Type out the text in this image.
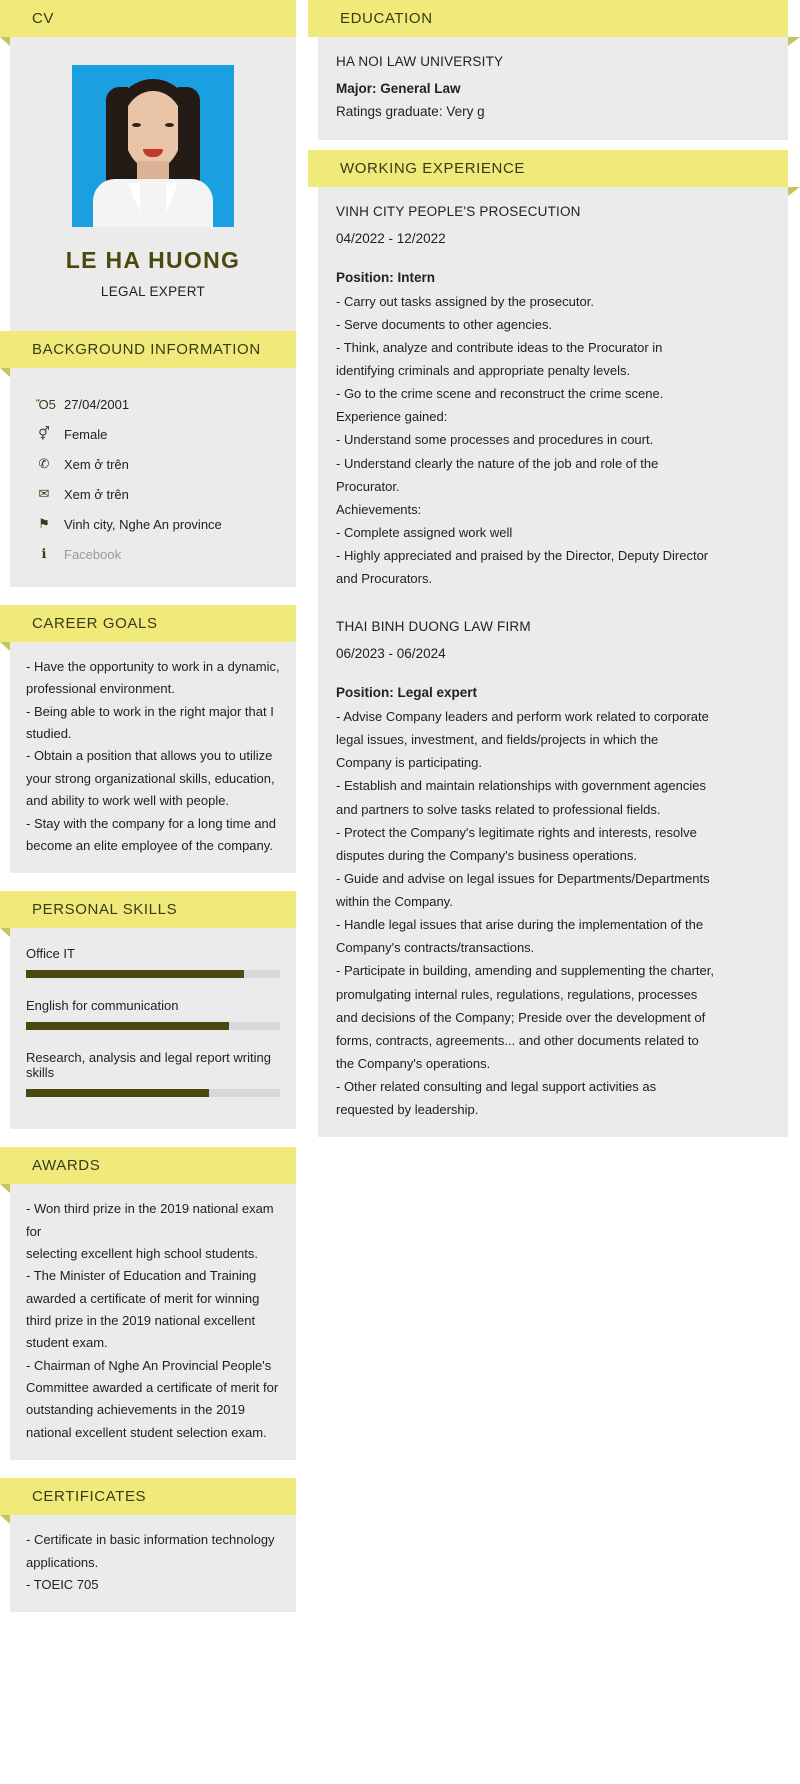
CV
LE HA HUONG
LEGAL EXPERT
BACKGROUND INFORMATION
Ὄ5 27/04/2001
⚥ Female
✆ Xem ở trên
✉ Xem ở trên
⚑ Vinh city, Nghe An province
ℹ	Facebook
CAREER GOALS
- Have the opportunity to work in a dynamic,
professional environment.
- Being able to work in the right major that I
studied.
- Obtain a position that allows you to utilize
your strong organizational skills, education,
and ability to work well with people.
- Stay with the company for a long time and
become an elite employee of the company.
PERSONAL SKILLS
Office IT
English for communication
Research, analysis and legal report writing skills
AWARDS
- Won third prize in the 2019 national exam for
selecting excellent high school students.
- The Minister of Education and Training
awarded a certificate of merit for winning
third prize in the 2019 national excellent
student exam.
- Chairman of Nghe An Provincial People's
Committee awarded a certificate of merit for
outstanding achievements in the 2019
national excellent student selection exam.
CERTIFICATES
- Certificate in basic information technology
applications.
- TOEIC 705
EDUCATION
HA NOI LAW UNIVERSITY
Major: General Law
Ratings graduate: Very g
WORKING EXPERIENCE
VINH CITY PEOPLE'S PROSECUTION
04/2022 - 12/2022
Position: Intern
- Carry out tasks assigned by the prosecutor.
- Serve documents to other agencies.
- Think, analyze and contribute ideas to the Procurator in
identifying criminals and appropriate penalty levels.
- Go to the crime scene and reconstruct the crime scene.
Experience gained:
- Understand some processes and procedures in court.
- Understand clearly the nature of the job and role of the
Procurator.
Achievements:
- Complete assigned work well
- Highly appreciated and praised by the Director, Deputy Director
and Procurators.
THAI BINH DUONG LAW FIRM
06/2023 - 06/2024
Position: Legal expert
- Advise Company leaders and perform work related to corporate
legal issues, investment, and fields/projects in which the
Company is participating.
- Establish and maintain relationships with government agencies
and partners to solve tasks related to professional fields.
- Protect the Company's legitimate rights and interests, resolve
disputes during the Company's business operations.
- Guide and advise on legal issues for Departments/Departments
within the Company.
- Handle legal issues that arise during the implementation of the
Company's contracts/transactions.
- Participate in building, amending and supplementing the charter,
promulgating internal rules, regulations, regulations, processes
and decisions of the Company; Preside over the development of
forms, contracts, agreements... and other documents related to
the Company's operations.
- Other related consulting and legal support activities as
requested by leadership.
